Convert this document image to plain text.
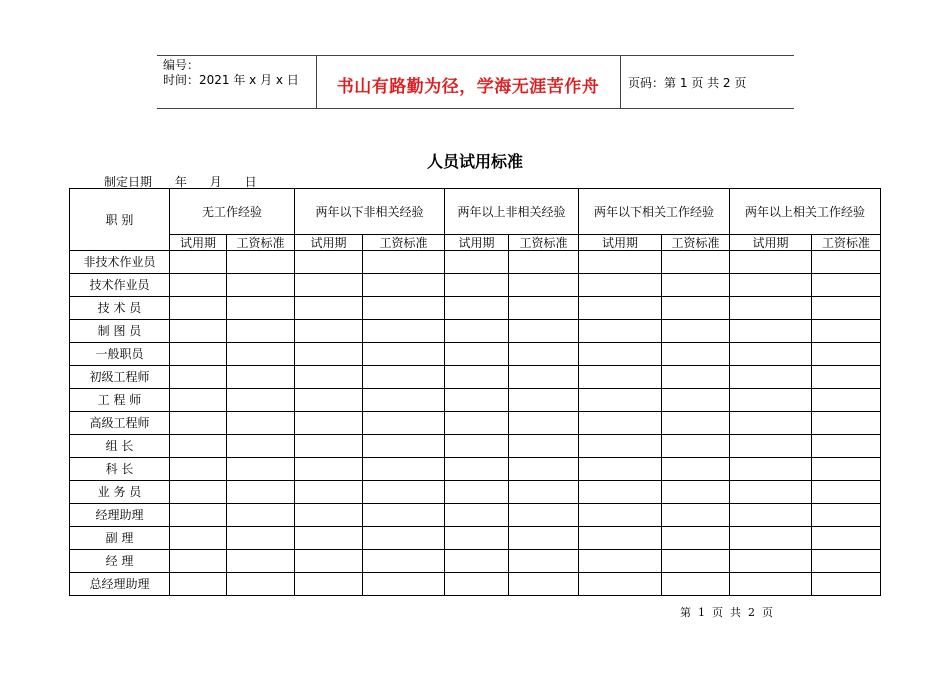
编号：
时间：2021 年 x 月 x 日	书山有路勤为径，学海无涯苦作舟	页码：第 1 页 共 2 页
人员试用标准
制定日期      年      月      日
职 别	无工作经验		两年以下非相关经验		两年以上非相关经验		两年以下相关工作经验		两年以上相关工作经验	
	试用期	工资标准	试用期	工资标准	试用期	工资标准	试用期	工资标准	试用期	工资标准
非技术作业员										
技术作业员										
技 术 员										
制 图 员										
一般职员										
初级工程师										
工 程 师										
高级工程师										
组 长										
科 长										
业 务 员										
经理助理										
副 理										
经 理										
总经理助理										
第  1  页  共  2  页
